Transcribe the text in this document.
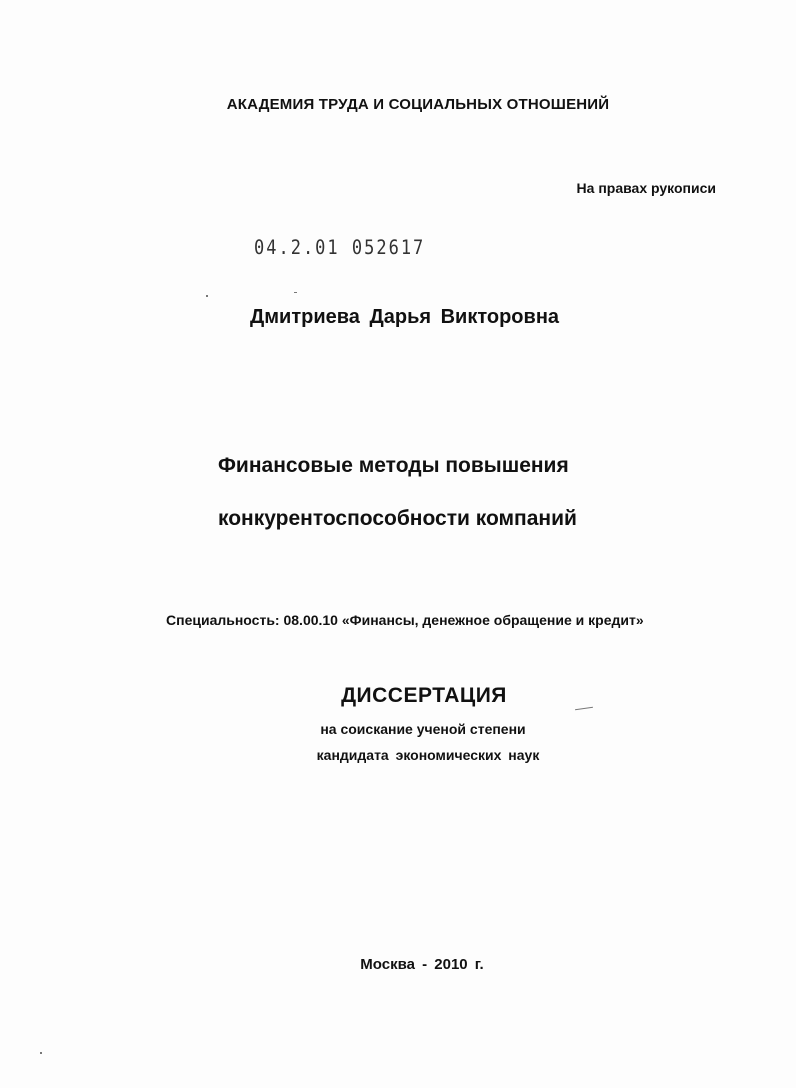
АКАДЕМИЯ ТРУДА И СОЦИАЛЬНЫХ ОТНОШЕНИЙ
На правах рукописи
04.2.01 052617
Дмитриева Дарья Викторовна
Финансовые методы повышения
конкурентоспособности компаний
Специальность: 08.00.10 «Финансы, денежное обращение и кредит»
ДИССЕРТАЦИЯ
на соискание ученой степени
кандидата экономических наук
Москва - 2010 г.
